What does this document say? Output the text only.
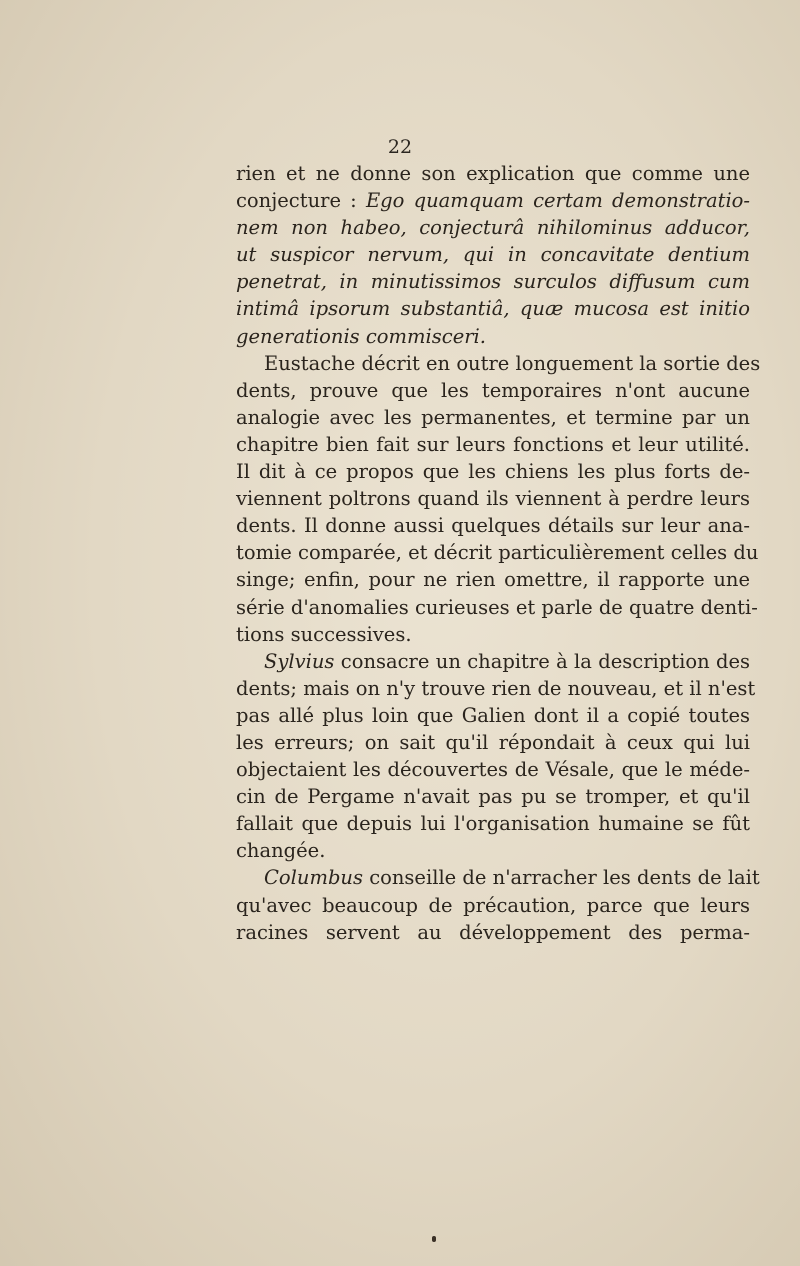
22
rien et ne donne son explication que comme une
conjecture : Ego quamquam certam demonstratio-
nem non habeo, conjecturâ nihilominus adducor,
ut suspicor nervum, qui in concavitate dentium
penetrat, in minutissimos surculos diffusum cum
intimâ ipsorum substantiâ, quæ mucosa est initio
generationis commisceri.
Eustache décrit en outre longuement la sortie des
dents, prouve que les temporaires n'ont aucune
analogie avec les permanentes, et termine par un
chapitre bien fait sur leurs fonctions et leur utilité.
Il dit à ce propos que les chiens les plus forts de-
viennent poltrons quand ils viennent à perdre leurs
dents. Il donne aussi quelques détails sur leur ana-
tomie comparée, et décrit particulièrement celles du
singe; enfin, pour ne rien omettre, il rapporte une
série d'anomalies curieuses et parle de quatre denti-
tions successives.
Sylvius consacre un chapitre à la description des
dents; mais on n'y trouve rien de nouveau, et il n'est
pas allé plus loin que Galien dont il a copié toutes
les erreurs; on sait qu'il répondait à ceux qui lui
objectaient les découvertes de Vésale, que le méde-
cin de Pergame n'avait pas pu se tromper, et qu'il
fallait que depuis lui l'organisation humaine se fût
changée.
Columbus conseille de n'arracher les dents de lait
qu'avec beaucoup de précaution, parce que leurs
racines servent au développement des perma-
